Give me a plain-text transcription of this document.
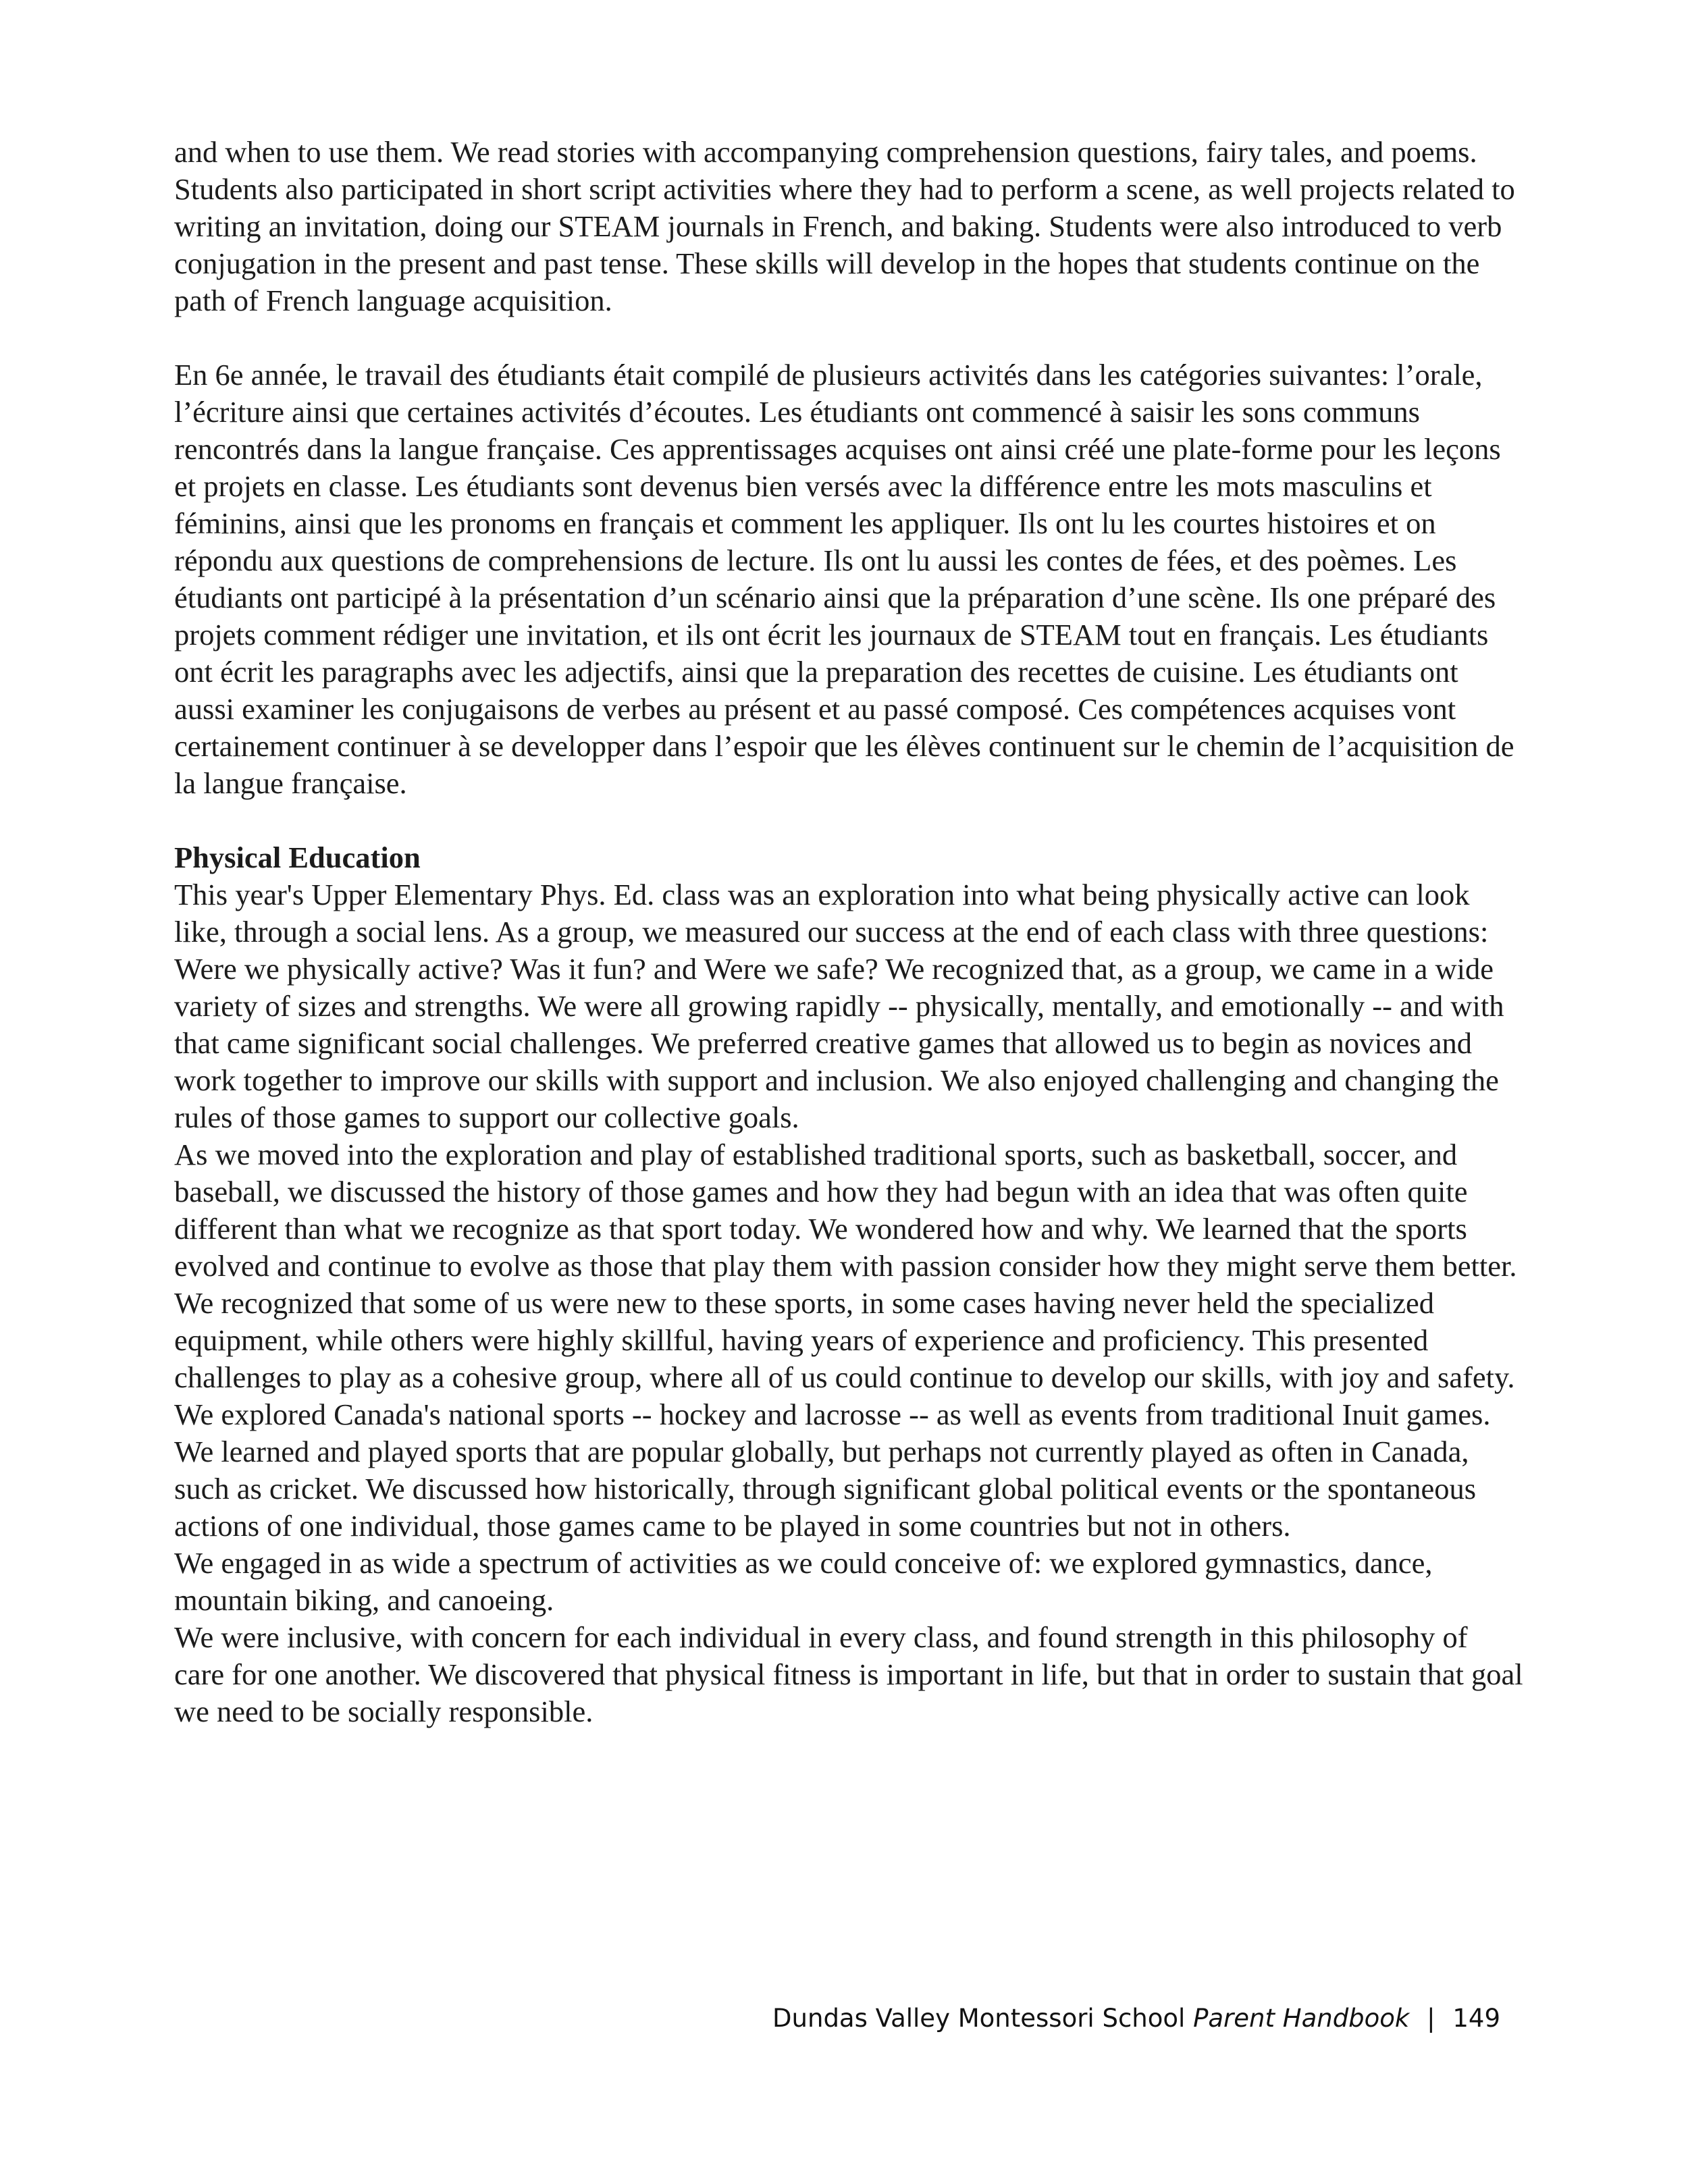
and when to use them. We read stories with accompanying comprehension questions, fairy tales, and poems. Students also participated in short script activities where they had to perform a scene, as well projects related to writing an invitation, doing our STEAM journals in French, and baking. Students were also introduced to verb conjugation in the present and past tense. These skills will develop in the hopes that students continue on the path of French language acquisition.

En 6e année, le travail des étudiants était compilé de plusieurs activités dans les catégories suivantes: l’orale, l’écriture ainsi que certaines activités d’écoutes. Les étudiants ont commencé à saisir les sons communs rencontrés dans la langue française. Ces apprentissages acquises ont ainsi créé une plate-forme pour les leçons et projets en classe. Les étudiants sont devenus bien versés avec la différence entre les mots masculins et féminins, ainsi que les pronoms en français et comment les appliquer. Ils ont lu les courtes histoires et on répondu aux questions de comprehensions de lecture. Ils ont lu aussi les contes de fées, et des poèmes. Les étudiants ont participé à la présentation d’un scénario ainsi que la préparation d’une scène. Ils one préparé des projets comment rédiger une invitation, et ils ont écrit les journaux de STEAM tout en français. Les étudiants ont écrit les paragraphs avec les adjectifs, ainsi que la preparation des recettes de cuisine. Les étudiants ont aussi examiner les conjugaisons de verbes au présent et au passé composé. Ces compétences acquises vont certainement continuer à se developper dans l’espoir que les élèves continuent sur le chemin de l’acquisition de la langue française.

Physical Education

This year's Upper Elementary Phys. Ed. class was an exploration into what being physically active can look like, through a social lens. As a group, we measured our success at the end of each class with three questions: Were we physically active? Was it fun? and Were we safe? We recognized that, as a group, we came in a wide variety of sizes and strengths. We were all growing rapidly -- physically, mentally, and emotionally -- and with that came significant social challenges. We preferred creative games that allowed us to begin as novices and work together to improve our skills with support and inclusion. We also enjoyed challenging and changing the rules of those games to support our collective goals.

As we moved into the exploration and play of established traditional sports, such as basketball, soccer, and baseball, we discussed the history of those games and how they had begun with an idea that was often quite different than what we recognize as that sport today. We wondered how and why. We learned that the sports evolved and continue to evolve as those that play them with passion consider how they might serve them better.

We recognized that some of us were new to these sports, in some cases having never held the specialized equipment, while others were highly skillful, having years of experience and proficiency. This presented challenges to play as a cohesive group, where all of us could continue to develop our skills, with joy and safety.

We explored Canada's national sports -- hockey and lacrosse -- as well as events from traditional Inuit games. We learned and played sports that are popular globally, but perhaps not currently played as often in Canada, such as cricket. We discussed how historically, through significant global political events or the spontaneous actions of one individual, those games came to be played in some countries but not in others.

We engaged in as wide a spectrum of activities as we could conceive of: we explored gymnastics, dance, mountain biking, and canoeing.

We were inclusive, with concern for each individual in every class, and found strength in this philosophy of care for one another. We discovered that physical fitness is important in life, but that in order to sustain that goal we need to be socially responsible.

Dundas Valley Montessori School Parent Handbook | 149
